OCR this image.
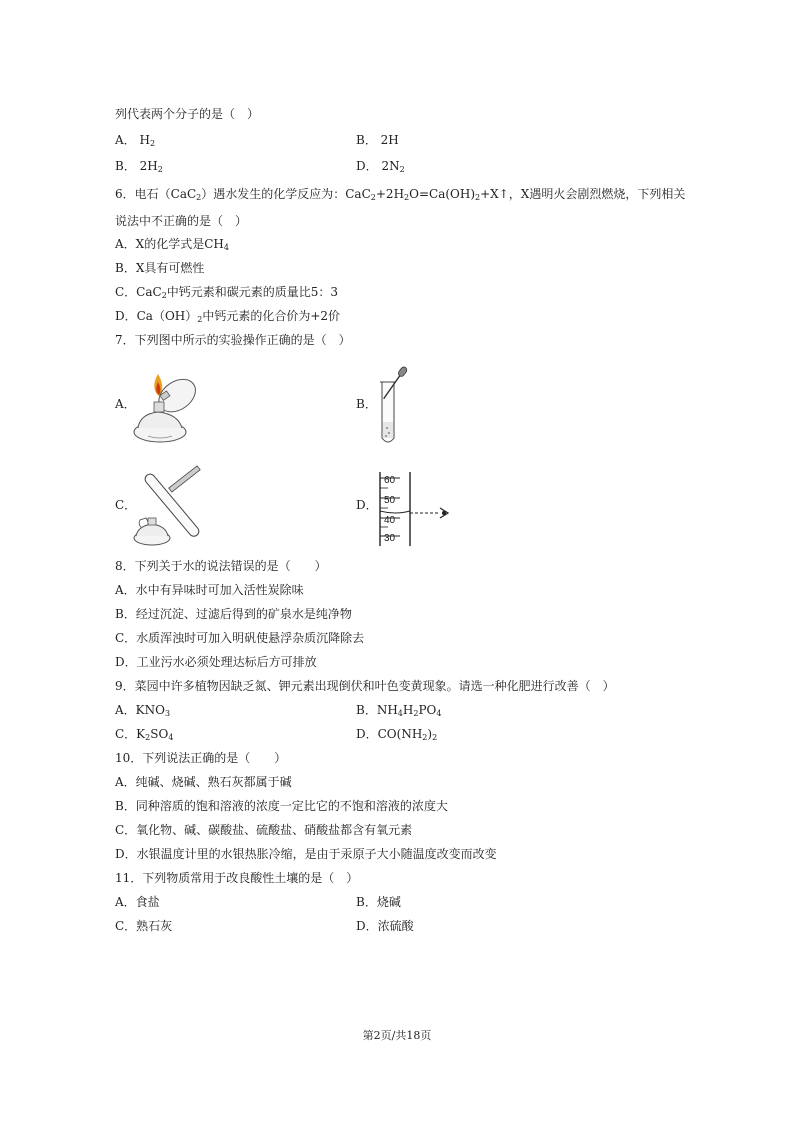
列代表两个分子的是（　）
A． $H_2$	B． 2H
B． $2H_2$	D． $2N_2$
6．电石（CaC$_2$）遇水发生的化学反应为：$CaC_2+2H_2O=Ca(OH)_2+X↑$，X遇明火会剧烈燃烧，下列相关
说法中不正确的是（　）
A．X的化学式是$CH_4$
B．X具有可燃性
C．CaC$_2$中钙元素和碳元素的质量比5：3
D．$Ca(OH)_2$中钙元素的化合价为+2价
7．下列图中所示的实验操作正确的是（　）
A．	B．
C．	D．
60
50
40
30
8．下列关于水的说法错误的是（　　）
A．水中有异味时可加入活性炭除味
B．经过沉淀、过滤后得到的矿泉水是纯净物
C．水质浑浊时可加入明矾使悬浮杂质沉降除去
D．工业污水必须处理达标后方可排放
9．菜园中许多植物因缺乏氮、钾元素出现倒伏和叶色变黄现象。请选一种化肥进行改善（　）
A．$KNO_3$	B．$NH_4H_2PO_4$
C．$K_2SO_4$	D．$CO(NH_2)_2$
10．下列说法正确的是（　　）
A．纯碱、烧碱、熟石灰都属于碱
B．同种溶质的饱和溶液的浓度一定比它的不饱和溶液的浓度大
C．氧化物、碱、碳酸盐、硫酸盐、硝酸盐都含有氧元素
D．水银温度计里的水银热胀冷缩，是由于汞原子大小随温度改变而改变
11．下列物质常用于改良酸性土壤的是（　）
A．食盐	B．烧碱
C．熟石灰	D．浓硫酸
第2页/共18页
